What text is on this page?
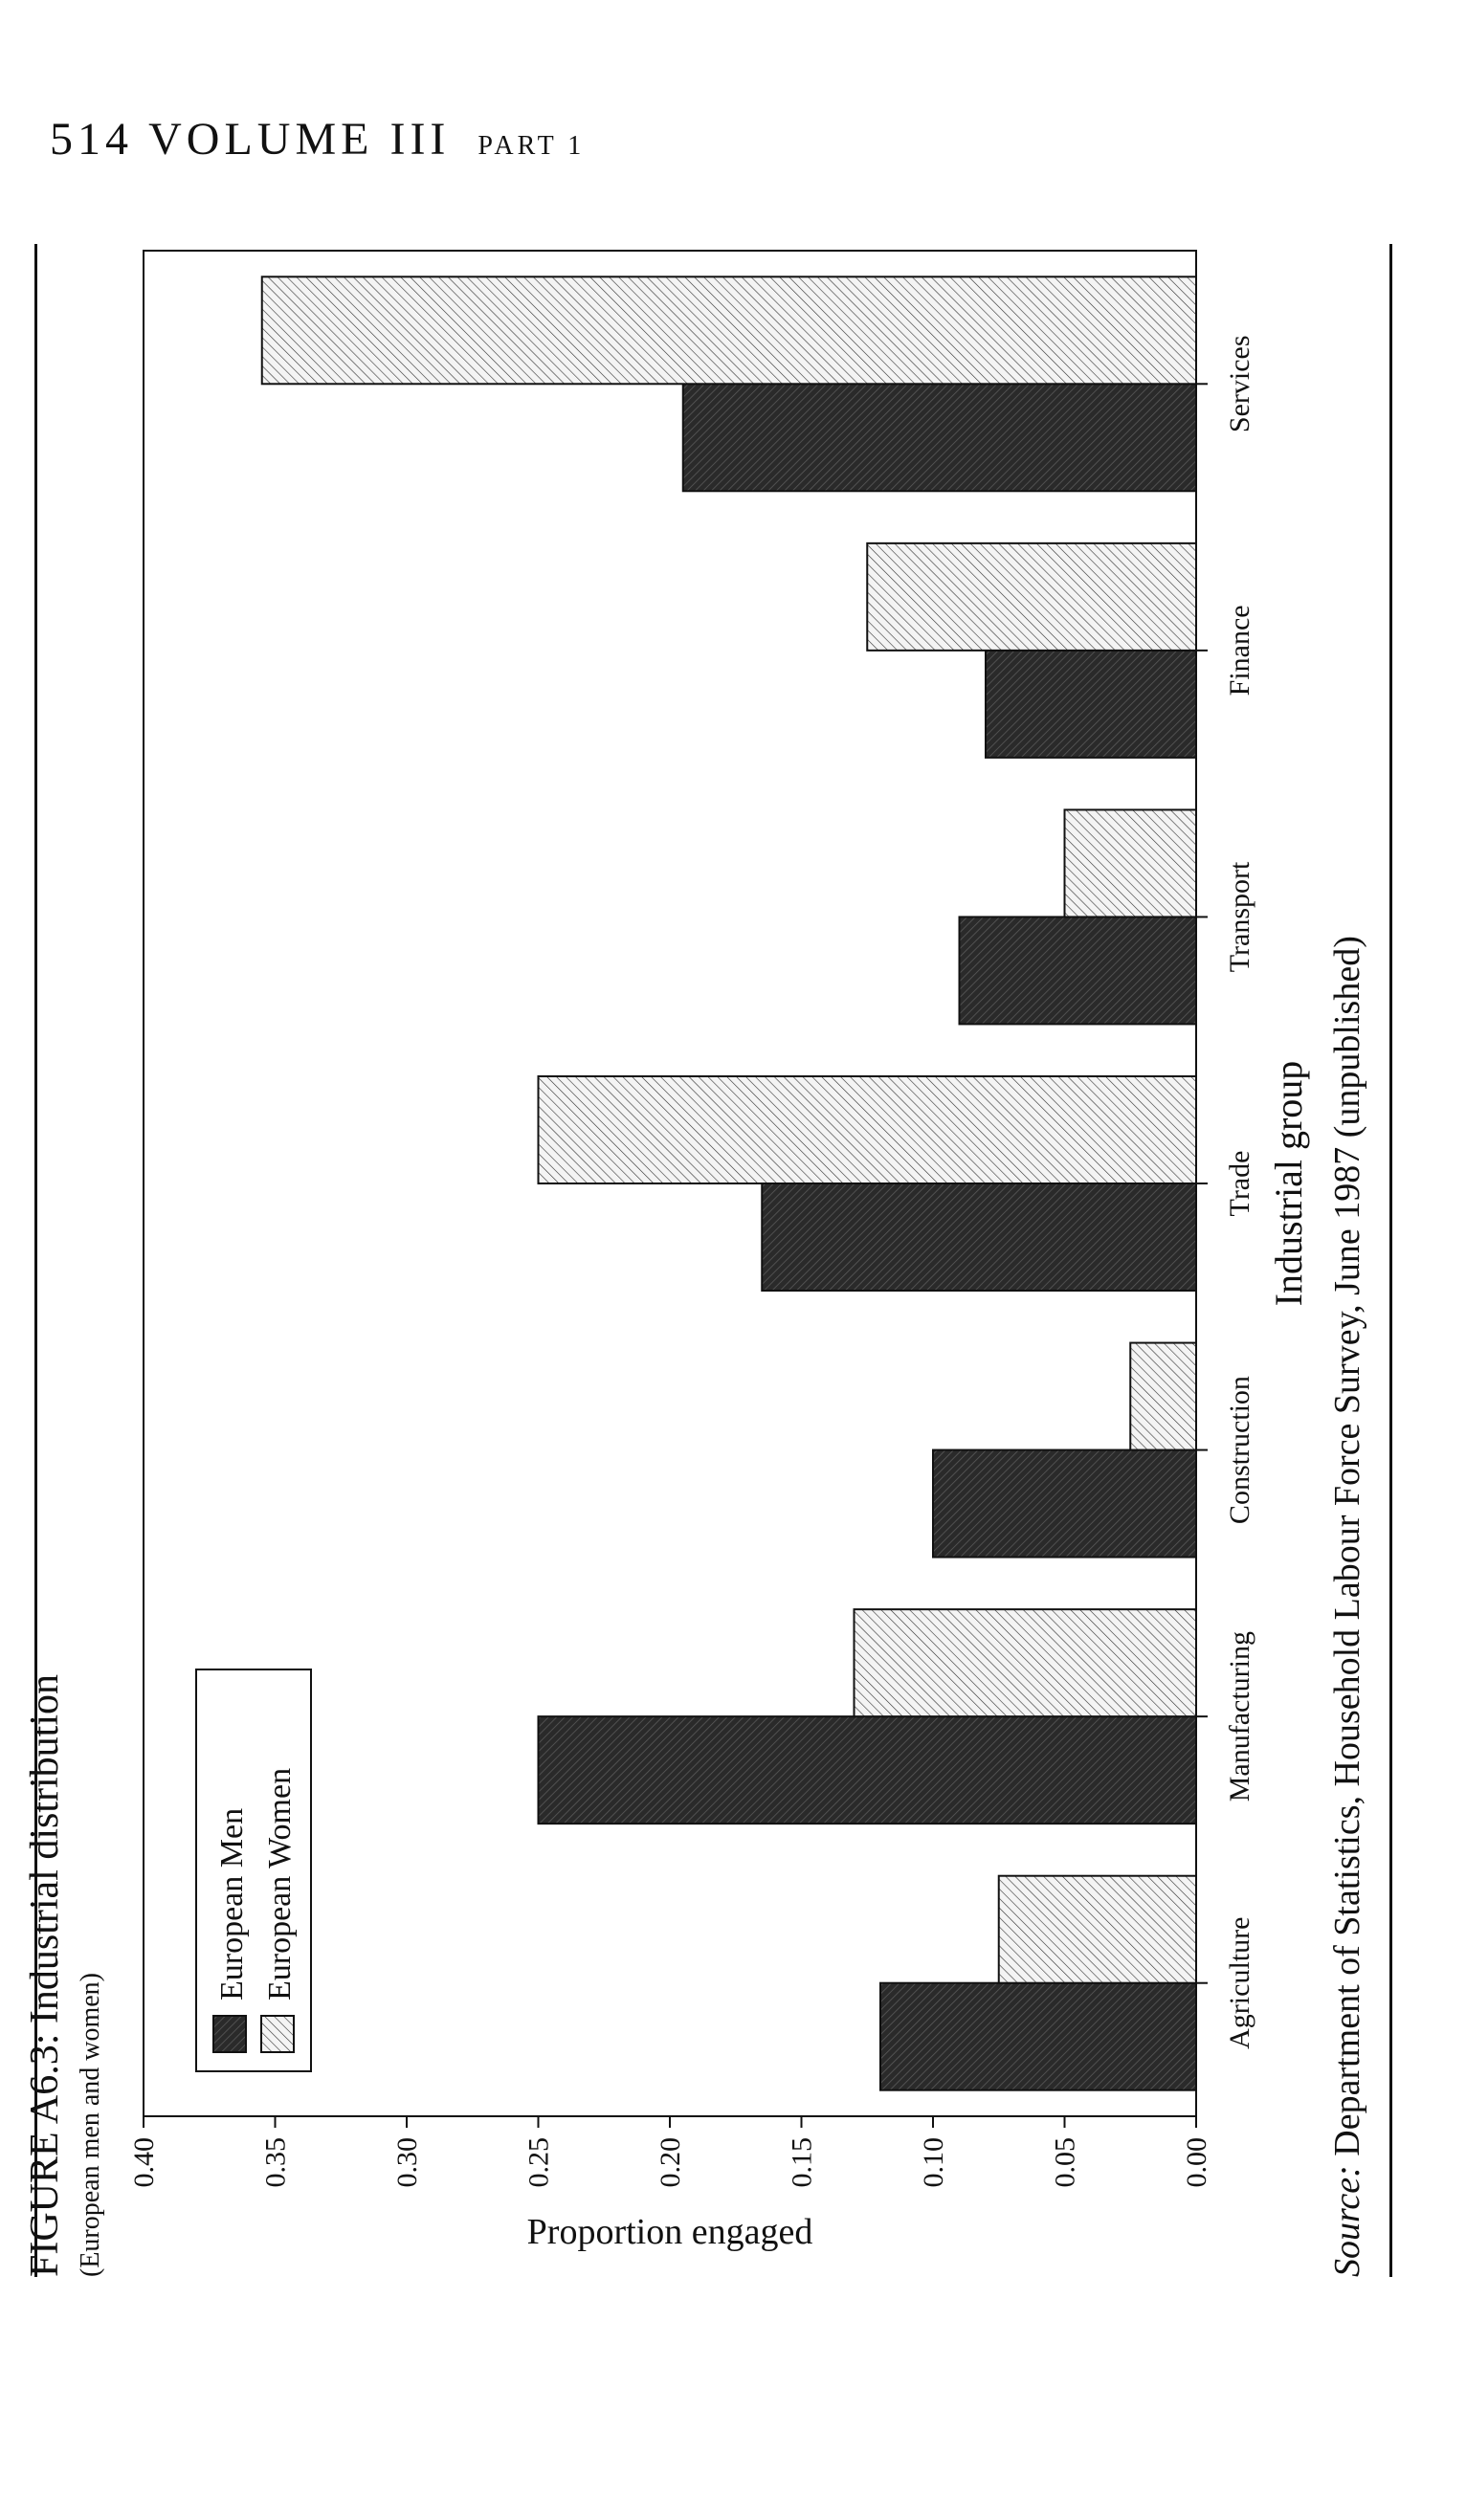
514 VOLUME III PART 1
0.00
0.05
0.10
0.15
0.20
0.25
0.30
0.35
0.40
Agriculture
Manufacturing
Construction
Trade
Transport
Finance
Services
Proportion engaged
Industrial group
FIGURE A6.3: Industrial distribution (European men and women)	Source: Department of Statistics, Household Labour Force Survey, June 1987 (unpublished)
European Men European Women
